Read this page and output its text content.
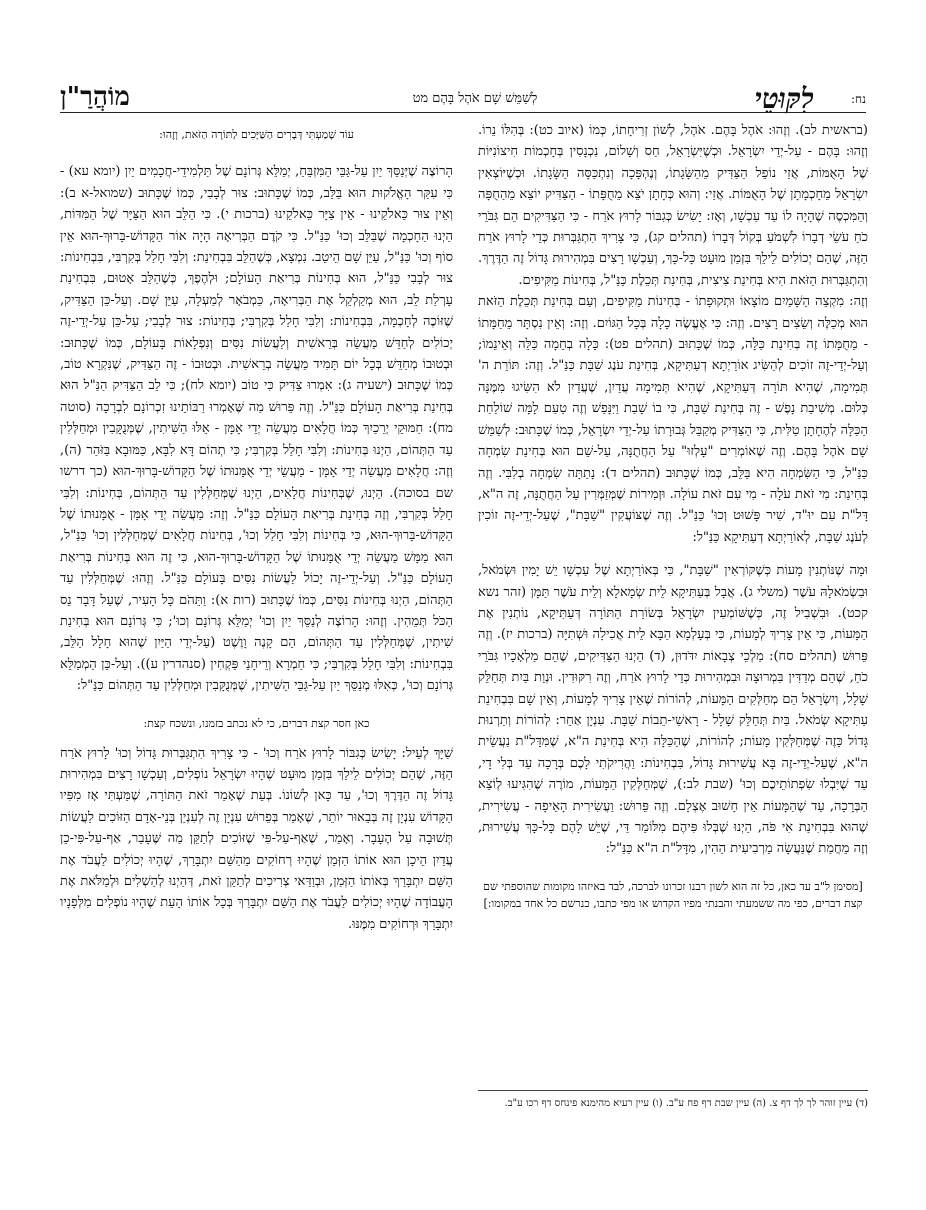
נח:
לִקּוּטֵי
לְשַׁמֵּשׁ שָׁם אֹהֶל בָּהֶם מט
מוֹהֲרַ"ן

(בראשית לב). וְזֶהוּ: אֹהֶל בָּהֶם. אֹהֶל, לְשׁוֹן זְרִיחָתוֹ, כְּמוֹ (איוב כט): בְּהִלּוֹ נֵרוֹ. וְזֶהוּ: בָּהֶם - עַל-יְדֵי יִשְׂרָאֵל. וּכְשֶׁיִּשְׂרָאֵל, חַס וְשָׁלוֹם, נִכְנָסִין בְּחָכְמוֹת חִיצוֹנִיּוֹת שֶׁל הָאֻמּוֹת, אֲזַי נוֹפֵל הַצַּדִּיק מֵהַשָּׂגָתוֹ, וְנֶהְפָּכָה וְנִתְכַּסָּה הַשָּׂגָתוֹ. וּכְשֶׁיּוֹצְאִין יִשְׂרָאֵל מֵחָכְמָתָן שֶׁל הָאֻמּוֹת. אֲזַי: וְהוּא כְּחָתָן יֹצֵא מֵחֻפָּתוֹ - הַצַּדִּיק יוֹצֵא מֵהַחֻפָּה וְהַמִּכְסֶה שֶׁהָיָה לוֹ עַד עַכְשָׁו, וְאָז: יָשִׂישׂ כְּגִבּוֹר לָרוּץ אֹרַח - כִּי הַצַּדִּיקִים הֵם גִּבֹּרֵי כֹחַ עֹשֵׂי דְבָרוֹ לִשְׁמֹעַ בְּקוֹל דְּבָרוֹ (תהלים קג), כִּי צָרִיךְ הִתְגַּבְּרוּת כְּדֵי לָרוּץ אֹרַח הַזֶּה, שֶׁהֵם יְכוֹלִים לֵילֵךְ בִּזְמַן מוּעָט כָּל-כָּךְ, וְעַכְשָׁו רָצִים בִּמְהִירוּת גָּדוֹל זֶה הַדֶּרֶךְ. וְהִתְגַּבְּרוּת הַזֹּאת הִיא בְּחִינַת צִיצִית, בְּחִינַת תְּכֵלֶת כַּנַּ"ל, בְּחִינוֹת מַקִּיפִים.

וְזֶה: מִקְצֵה הַשָּׁמַיִם מוֹצָאוֹ וּתְקוּפָתוֹ - בְּחִינוֹת מַקִּיפִים, וְעַם בְּחִינַת תְּכֵלֶת הַזֹּאת הוּא מְכַלֶּה וְשֵׂצִים רָצִים. וְזֶה: כִּי אֶעֱשֶׂה כָלָה בְּכָל הַגּוֹיִם. וְזֶה: וְאֵין נִסְתָּר מֵחַמָּתוֹ - מֵחֻמָּתוֹ זֶה בְּחִינַת כַּלָּה, כְּמוֹ שֶׁכָּתוּב (תהלים פט): כָּלָה בְחֵמָה כַּלֵּה וְאֵינֵמוֹ; וְעַל-יְדֵי-זֶה זוֹכִים לְהַשִּׂיג אוֹרַיְתָא דְעַתִּיקָא, בְּחִינַת עֹנֶג שַׁבָּת כַּנַּ"ל. וְזֶה: תּוֹרַת ה' תְּמִימָה, שֶׁהִיא תּוֹרָה דְּעַתִּיקָא, שֶׁהִיא תְּמִימָה עֲדַיִן, שֶׁעֲדַיִן לֹא הִשִּׂיגוּ מִמֶּנָּה כְּלוּם. מְשִׁיבַת נָפֶשׁ - זֶה בְּחִינַת שַׁבָּת, כִּי בוֹ שָׁבַת וַיִּנָּפַשׁ וְזֶה טַעַם לָמָּה שׁוֹלַחַת הַכַּלָּה לְהֶחָתָן טַלִּית, כִּי הַצַּדִּיק מְקַבֵּל גְּבוּרָתוֹ עַל-יְדֵי יִשְׂרָאֵל, כְּמוֹ שֶׁכָּתוּב: לְשַׁמֵּשׁ שָׁם אֹהֶל בָּהֶם. וְזֶה שֶׁאוֹמְרִים "עָלְזוּ" עַל הַחֲתֻנָּה, עַל-שֵׁם הוּא בְּחִינַת שִׂמְחָה כַּנַּ"ל, כִּי הַשִּׂמְחָה הִיא בַּלֵּב, כְּמוֹ שֶׁכָּתוּב (תהלים ד): נָתַתָּה שִׂמְחָה בְלִבִּי. וְזֶה בְּחִינַת: מִי זֹאת עֹלָה - מִי עִם זֹאת עוֹלָה. וּזְמִירוֹת שֶׁמְּזַמְּרִין עַל הַחֲתֻנָּה, זֶה ה"א, דָּל"ת עִם יוּ"ד, שִׁיר פָּשׁוּט וְכוּ' כַּנַּ"ל. וְזֶה שֶׁצּוֹעֲקִין "שַׁבָּת", שֶׁעַל-יְדֵי-זֶה זוֹכִין לְעֹנֶג שַׁבָּת, לְאוֹרַיְתָא דְעַתִּיקָא כַּנַּ"ל:

וּמָה שֶׁנּוֹתְנִין מָעוֹת כְּשֶׁקּוֹרְאִין "שַׁבָּת", כִּי בְּאוֹרַיְתָא שֶׁל עַכְשָׁו יֵשׁ יָמִין וּשְׂמֹאל, וּבִשְׂמֹאלָהּ עֹשֶׁר (משלי ג). אֲבָל בְּעַתִּיקָא לֵית שְׂמָאלָא וְלֵית עֹשֶׁר תַּמָּן (זהר נשא קכט). וּבִשְׁבִיל זֶה, כְּשֶׁשּׁוֹמְעִין יִשְׂרָאֵל בְּשׂוֹרַת הַתּוֹרָה דְּעַתִּיקָא, נוֹתְנִין אֶת הַמָּעוֹת, כִּי אֵין צָרִיךְ לְמָעוֹת, כִּי בְּעָלְמָא הַבָּא לֵית אֲכִילָה וּשְׁתִיָּה (ברכות יז). וְזֶה פֵּרוּשׁ (תהלים סח): מַלְכֵי צְבָאוֹת יִדֹּדוּן, (ד) הַיְנוּ הַצַּדִּיקִים, שֶׁהֵם מַלְאָכָיו גִּבֹּרֵי כֹחַ, שֶׁהֵם מְדַדִּין בִּמְרוּצָה וּבִמְהִירוּת כְּדֵי לָרוּץ אֹרַח, וְזֶה רִקּוּדִין. וּנְוַת בַּיִת תְּחַלֵּק שָׁלָל, וְיִשְׂרָאֵל הֵם מְחַלְּקִים הַמָּעוֹת, לְהוֹרוֹת שֶׁאֵין צָרִיךְ לְמָעוֹת, וְאֵין שָׁם בִּבְחִינַת עַתִּיקָא שְׂמֹאל. בַּיִת תְּחַלֵּק שָׁלָל - רָאשֵׁי-תֵבוֹת שַׁבָּת. עִנְיָן אַחֵר: לְהוֹרוֹת וְתַרְנוּת גָּדוֹל כָּזֶה שֶׁמְּחַלְּקִין מָעוֹת; לְהוֹרוֹת, שֶׁהַכַּלָּה הִיא בְּחִינַת ה"א, שֶׁמִּדָּל"ת נַעֲשֵׂית ה"א, שֶׁעַל-יְדֵי-זֶה בָּא עֲשִׁירוּת גָּדוֹל, בִּבְחִינוֹת: וַהֲרִיקֹתִי לָכֶם בְּרָכָה עַד בְּלִי דָי, עַד שֶׁיִּבְלוּ שִׂפְתוֹתֵיכֶם וְכוּ' (שבת לב:), שֶׁמְּחַלְּקִין הַמָּעוֹת, מוֹרֶה שֶׁהִגִּיעוּ לְוֹצֵא הַבְּרָכָה, עַד שֶׁהַמָּעוֹת אֵין חָשׁוּב אֶצְלָם. וְזֶה פֵּרוּשׁ: וַעֲשִׂירִית הָאֵיפָה - עֲשִׂירִית, שֶׁהוּא בִּבְחִינַת אִי פֹּה, הַיְנוּ שֶׁבְּלוּ פִּיהֶם מִלּוֹמַר דַּי, שֶׁיֵּשׁ לָהֶם כָּל-כָּךְ עֲשִׁירוּת, וְזֶה מֵחֲמַת שֶׁנַּעֲשָׂה מֵרְבִיעִית הַהִין, מִדָּל"ת ה"א כַּנַּ"ל:

[מסימן ל"ב עד כאן, כל זה הוא לשון רבנו זכרונו לברכה, לבד באיזהו מקומות שהוספתי שם קצת דברים, כפי מה ששמעתי והבנתי מפיו הקדוש או מפי כתבו, כנרשם כל אחד במקומו:]

עוֹד שָׁמַעְתִּי דְּבָרִים הַשַּׁיָּכִים לַתּוֹרָה הַזֹּאת, וְזֶהוּ:

הָרוֹצֶה שֶׁיְּנַסֵּךְ יַיִן עַל-גַּבֵּי הַמִּזְבֵּחַ, יְמַלֵּא גְּרוֹנָם שֶׁל תַּלְמִידֵי-חֲכָמִים יַיִן (יומא עא) - כִּי עִקַּר הָאֱלֹקוּת הוּא בַּלֵּב, כְּמוֹ שֶׁכָּתוּב: צוּר לְבָבִי, כְּמוֹ שֶׁכָּתוּב (שמואל-א ב): וְאֵין צוּר כֵּאלֹקֵינוּ - אֵין צַיָּר כֵּאלֹקֵינוּ (ברכות י). כִּי הַלֵּב הוּא הַצַּיָּר שֶׁל הַמִּדּוֹת, הַיְנוּ הַחָכְמָה שֶׁבַּלֵּב וְכוּ' כַּנַּ"ל. כִּי קֹדֶם הַבְּרִיאָה הָיָה אוֹר הַקָּדוֹשׁ-בָּרוּךְ-הוּא אֵין סוֹף וְכוּ' כַּנַּ"ל, עַיֵּן שָׁם הֵיטֵב. נִמְצָא, כְּשֶׁהַלֵּב בִּבְחִינַת: וְלִבִּי חָלַל בְּקִרְבִּי, בִּבְחִינוֹת: צוּר לְבָבִי כַּנַּ"ל, הוּא בְּחִינוֹת בְּרִיאַת הָעוֹלָם; וּלְהֶפֶךְ, כְּשֶׁהַלֵּב אָטוּם, בִּבְחִינַת עָרְלַת לֵב, הוּא מְקַלְקֵל אֶת הַבְּרִיאָה, כַּמְבֹאָר לְמַעְלָה, עַיֵּן שָׁם. וְעַל-כֵּן הַצַּדִּיק, שֶׁזּוֹכֶה לְחָכְמָה, בִּבְחִינוֹת: וְלִבִּי חָלַל בְּקִרְבִּי; בְּחִינוֹת: צוּר לְבָבִי; עַל-כֵּן עַל-יְדֵי-זֶה יְכוֹלִים לְחַדֵּשׁ מַעֲשֵׂה בְּרֵאשִׁית וְלַעֲשׂוֹת נִסִּים וְנִפְלָאוֹת בָּעוֹלָם, כְּמוֹ שֶׁכָּתוּב: וּבְטוּבוֹ מְחַדֵּשׁ בְּכָל יוֹם תָּמִיד מַעֲשֵׂה בְרֵאשִׁית. וּבְטוּבוֹ - זֶה הַצַּדִּיק, שֶׁנִּקְרָא טוֹב, כְּמוֹ שֶׁכָּתוּב (ישעיה ג): אִמְרוּ צַדִּיק כִּי טוֹב (יומא לח); כִּי לֵב הַצַּדִּיק הַנַּ"ל הוּא בְּחִינַת בְּרִיאַת הָעוֹלָם כַּנַּ"ל. וְזֶה פֵּרוּשׁ מַה שֶּׁאָמְרוּ רַבּוֹתֵינוּ זִכְרוֹנָם לִבְרָכָה (סוטה מח): חַמּוּקֵי יְרֵכַיִךְ כְּמוֹ חֲלָאִים מַעֲשֵׂה יְדֵי אָמָּן - אֵלּוּ הַשִּׁיתִין, שֶׁמְּנֻקָּבִין וּמְחַלְּלִין עַד הַתְּהוֹם, הַיְנוּ בְּחִינוֹת: וְלִבִּי חָלַל בְּקִרְבִּי; כִּי תְהוֹם דָּא לִבָּא, כַּמּוּבָא בַּזֹּהַר (ה), וְזֶה: חֲלָאִים מַעֲשֵׂה יְדֵי אָמָּן - מַעֲשֵׂי יְדֵי אֻמָּנוּתוֹ שֶׁל הַקָּדוֹשׁ-בָּרוּךְ-הוּא (כך דרשו שם בסוכה). הַיְנוּ, שֶׁבְּחִינוֹת חֲלָאִים, הַיְנוּ שֶׁמְּחַלְּלִין עַד הַתְּהוֹם, בְּחִינוֹת: וְלִבִּי חָלַל בְּקִרְבִּי, וְזֶה בְּחִינַת בְּרִיאַת הָעוֹלָם כַּנַּ"ל. וְזֶה: מַעֲשֵׂה יְדֵי אָמָּן - אֻמָּנוּתוֹ שֶׁל הַקָּדוֹשׁ-בָּרוּךְ-הוּא, כִּי בְּחִינוֹת וְלִבִּי חָלַל וְכוּ', בְּחִינוֹת חֲלָאִים שֶׁמְּחַלְּלִין וְכוּ' כַּנַּ"ל, הוּא מַמָּשׁ מַעֲשֵׂה יְדֵי אֻמָּנוּתוֹ שֶׁל הַקָּדוֹשׁ-בָּרוּךְ-הוּא, כִּי זֶה הוּא בְּחִינוֹת בְּרִיאַת הָעוֹלָם כַּנַּ"ל. וְעַל-יְדֵי-זֶה יָכוֹל לַעֲשׂוֹת נִסִּים בָּעוֹלָם כַּנַּ"ל. וְזֶהוּ: שֶׁמְּחַלְּלִין עַד הַתְּהוֹם, הַיְנוּ בְּחִינוֹת נִסִּים, כְּמוֹ שֶׁכָּתוּב (רות א): וַתֵּהֹם כָּל הָעִיר, שֶׁעַל דָּבָר נֵס הַכֹּל תְּמֵהִין. וְזֶהוּ: הָרוֹצֶה לְנַסֵּךְ יַיִן וְכוּ' יְמַלֵּא גְּרוֹנָם וְכוּ'; כִּי גְּרוֹנָם הוּא בְּחִינַת שִׁיתִין, שֶׁמְּחַלְּלִין עַד הַתְּהוֹם, הֵם קָנֶה וָוֶשֶׁט (עַל-יְדֵי הַיַּיִן שֶׁהוּא חָלָל הַלֵּב, בִּבְחִינוֹת: וְלִבִּי חָלַל בְּקִרְבִּי; כִּי חַמְרָא וְרֵיחָנֵי פַּקְחִין (סנהדרין ע)). וְעַל-כֵּן הַמְמַלֵּא גְּרוֹנָם וְכוּ', כְּאִלּוּ מְנַסֵּךְ יַיִן עַל-גַּבֵּי הַשִּׁיתִין, שֶׁמְּנֻקָּבִין וּמְחַלְּלִין עַד הַתְּהוֹם כַּנַּ"ל:

כאן חסר קצת דברים, כי לא נכתב בזמנו, ונשכח קצת:

שַׁיָּךְ לְעֵיל: יָשִׂישׂ כְּגִבּוֹר לָרוּץ אֹרַח וְכוּ' - כִּי צָרִיךְ הִתְגַּבְּרוּת גָּדוֹל וְכוּ' לָרוּץ אֹרַח הַזֶּה, שֶׁהֵם יְכוֹלִים לֵילֵךְ בִּזְמַן מוּעָט שֶׁהָיוּ יִשְׂרָאֵל נוֹפְלִים, וְעַכְשָׁו רָצִים בִּמְהִירוּת גָּדוֹל זֶה הַדֶּרֶךְ וְכוּ', עַד כָּאן לְשׁוֹנוֹ. בְּעֵת שֶׁאָמַר זֹאת הַתּוֹרָה, שֶׁמַּעְתִּי אָז מִפִּיו הַקָּדוֹשׁ עִנְיָן זֶה בְּבֵאוּר יוֹתֵר, שֶׁאָמַר בְּפֵרוּשׁ עִנְיָן זֶה לְעִנְיַן בְּנֵי-אָדָם הַזּוֹכִים לַעֲשׂוֹת תְּשׁוּבָה עַל הֶעָבָר. וְאָמַר, שֶׁאַף-עַל-פִּי שֶׁזּוֹכִים לְתַקֵּן מַה שֶּׁעָבַר, אַף-עַל-פִּי-כֵן עֲדַיִן הֵיכָן הוּא אוֹתוֹ הַזְּמַן שֶׁהָיוּ רְחוֹקִים מֵהַשֵּׁם יִתְבָּרַךְ, שֶׁהָיוּ יְכוֹלִים לַעֲבֹד אֶת הַשֵּׁם יִתְבָּרַךְ בְּאוֹתוֹ הַזְּמַן, וּבְוַדַּאי צְרִיכִים לְתַקֵּן זֹאת, דְּהַיְנוּ לְהַשְׁלִים וּלְמַלֹּאת אֶת הָעֲבוֹדָה שֶׁהָיוּ יְכוֹלִים לַעֲבֹד אֶת הַשֵּׁם יִתְבָּרַךְ בְּכָל אוֹתוֹ הָעֵת שֶׁהָיוּ נוֹפְלִים מִלְּפָנָיו יִתְבָּרַךְ וּרְחוֹקִים מִמֶּנּוּ.

(ד) עיין זוהר לך לך דף צ. (ה) עיין שבת דף פח ע"ב. (ו) עיין רעיא מהימנא פינחס דף רכו ע"ב.
